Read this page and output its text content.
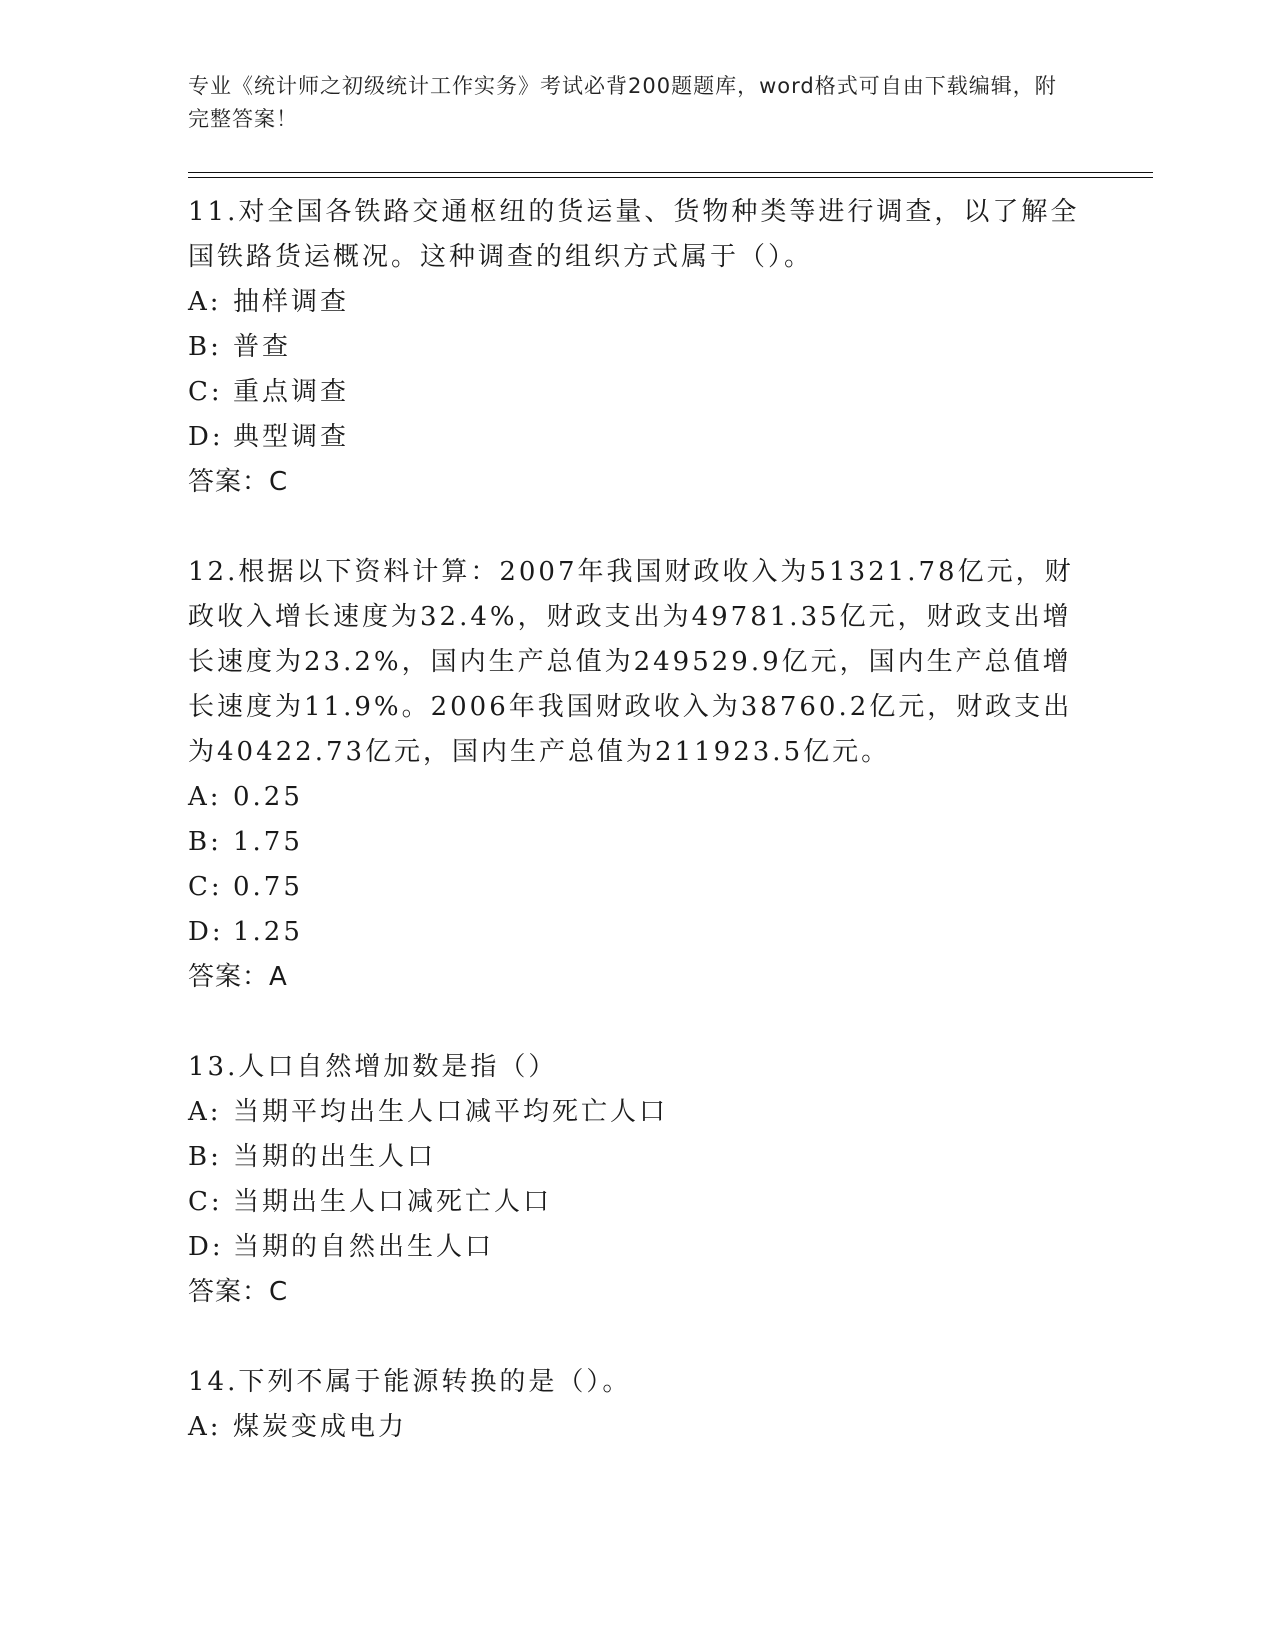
专业《统计师之初级统计工作实务》考试必背200题题库，word格式可自由下载编辑，附完整答案！
11.对全国各铁路交通枢纽的货运量、货物种类等进行调查，以了解全国铁路货运概况。这种调查的组织方式属于（）。
A: 抽样调查
B: 普查
C: 重点调查
D: 典型调查
答案：C
12.根据以下资料计算：2007年我国财政收入为51321.78亿元，财政收入增长速度为32.4%，财政支出为49781.35亿元，财政支出增长速度为23.2%，国内生产总值为249529.9亿元，国内生产总值增长速度为11.9%。2006年我国财政收入为38760.2亿元，财政支出为40422.73亿元，国内生产总值为211923.5亿元。
A: 0.25
B: 1.75
C: 0.75
D: 1.25
答案：A
13.人口自然增加数是指（）
A: 当期平均出生人口减平均死亡人口
B: 当期的出生人口
C: 当期出生人口减死亡人口
D: 当期的自然出生人口
答案：C
14.下列不属于能源转换的是（）。
A: 煤炭变成电力
